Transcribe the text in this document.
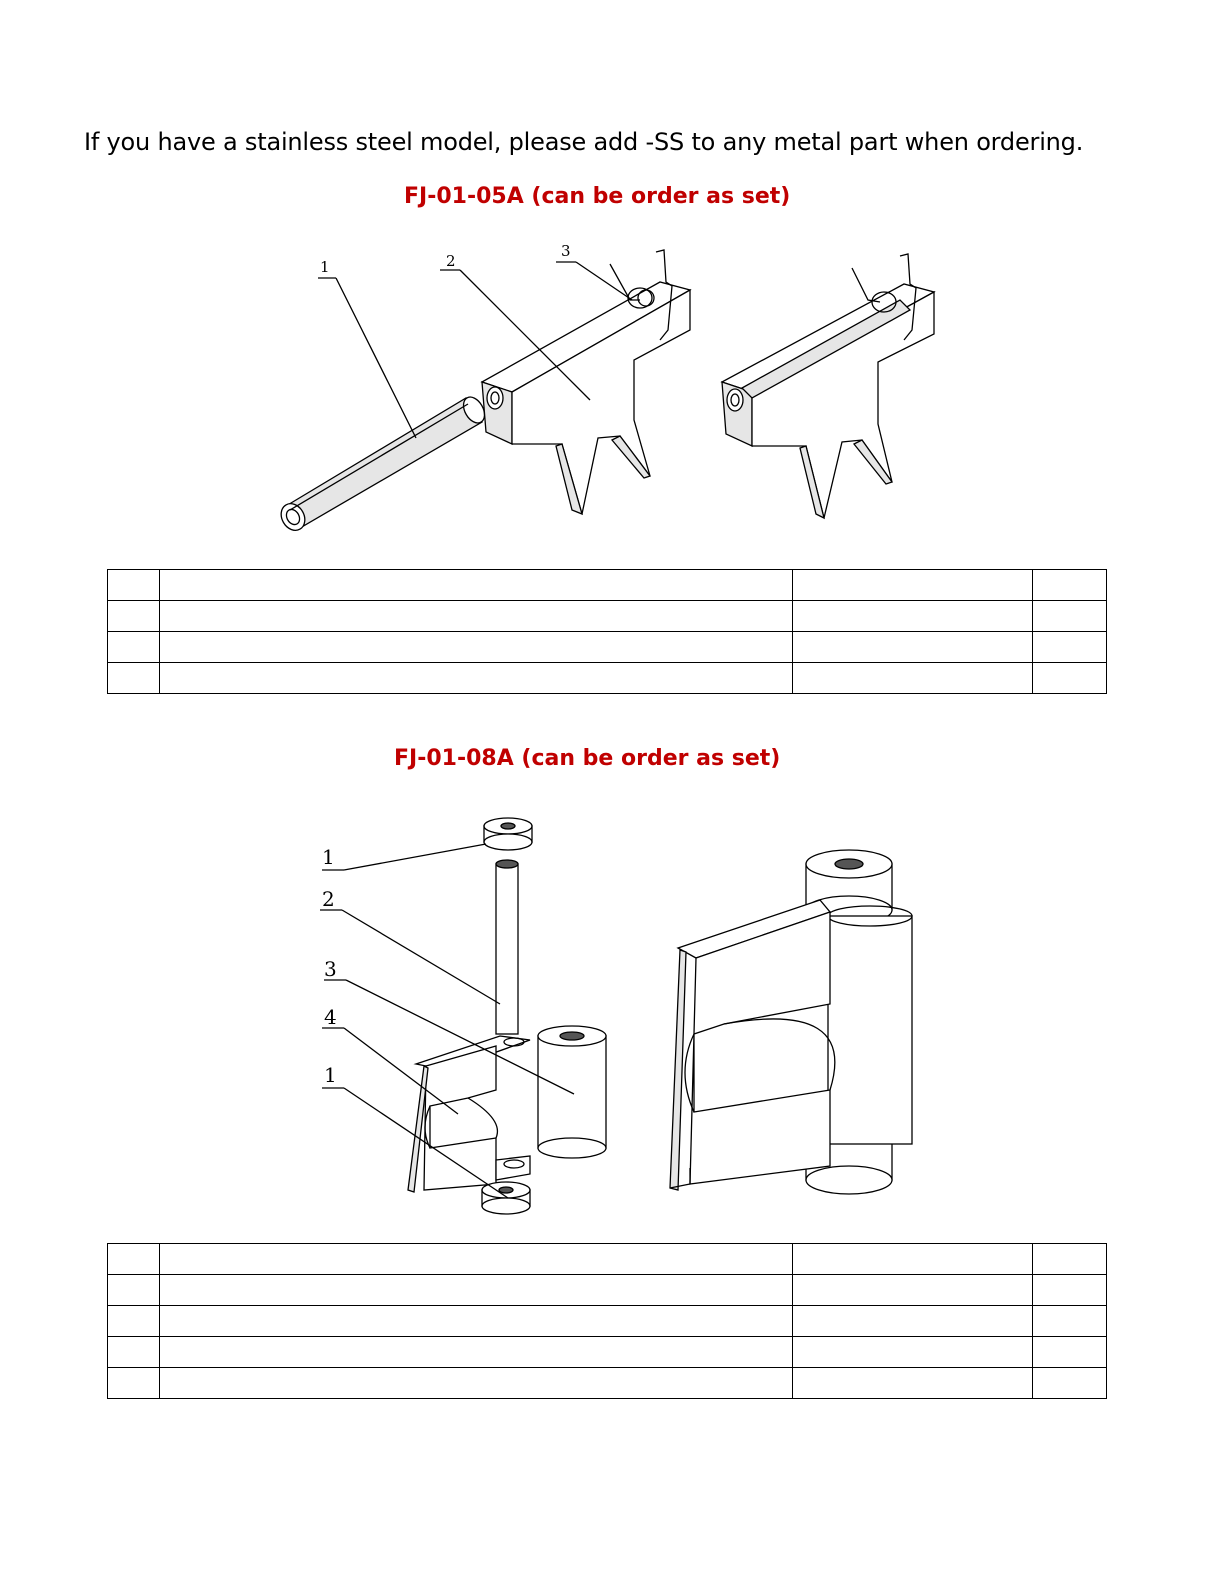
If you have a stainless steel model, please add -SS to any metal part when ordering.
FJ-01-05A (can be order as set)
1	2
3

FJ-01-08A (can be order as set)
1
2
3
4
1
